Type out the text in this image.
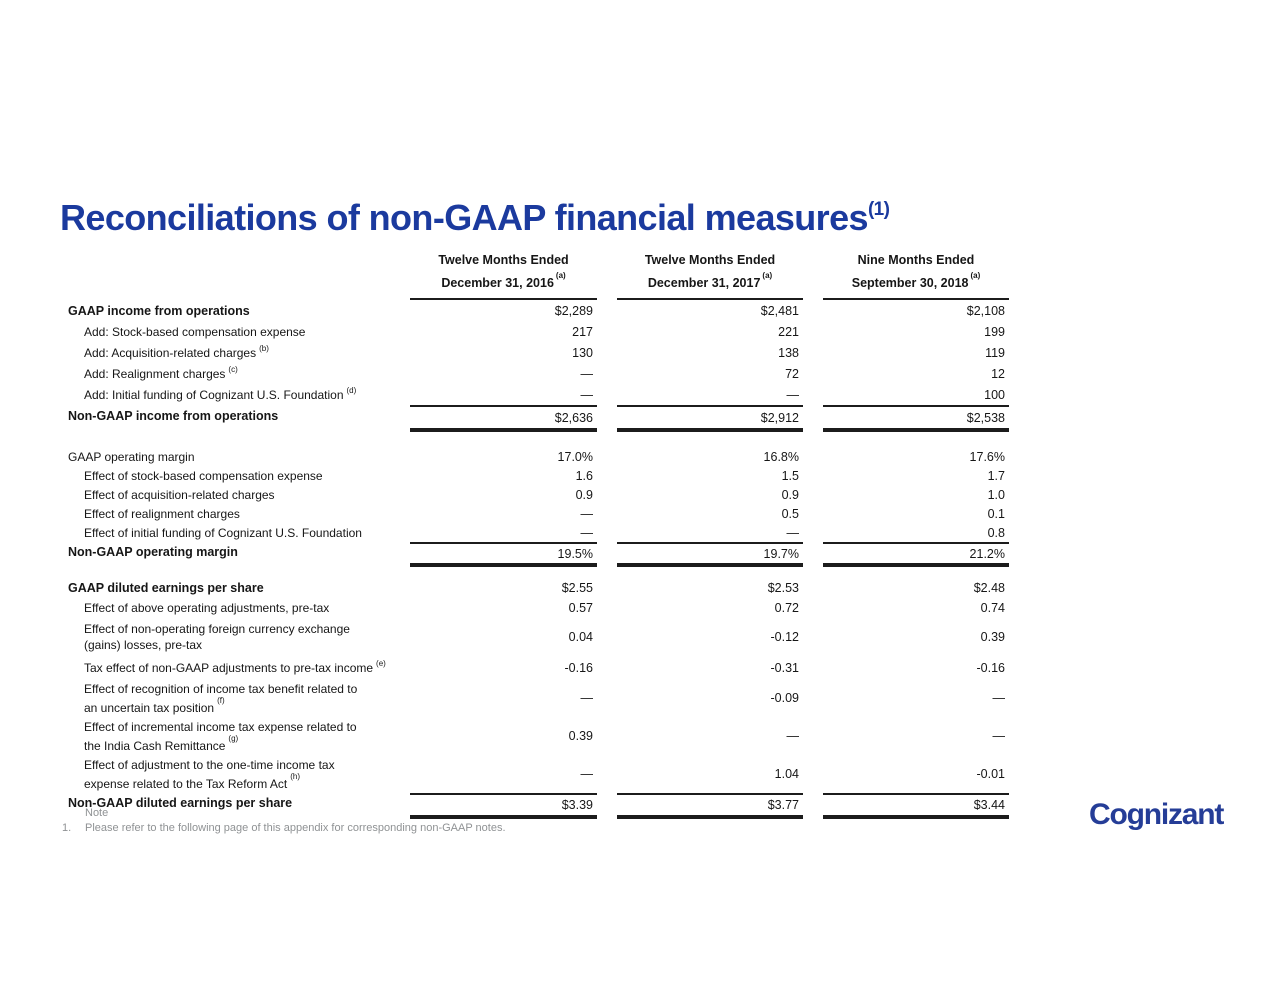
Reconciliations of non-GAAP financial measures$^{(1)}$
Twelve Months Ended
December 31, 2016$^{(a)}$
Twelve Months Ended
December 31, 2017$^{(a)}$
Nine Months Ended
September 30, 2018$^{(a)}$
GAAP income from operations	$2,289	$2,481	$2,108
Add: Stock-based compensation expense	217	221	199
Add: Acquisition-related charges $^{(b)}$	130	138	119
Add: Realignment charges $^{(c)}$	—	72	12
Add: Initial funding of Cognizant U.S. Foundation $^{(d)}$	—	—	100
Non-GAAP income from operations	$2,636	$2,912	$2,538
GAAP operating margin	17.0%	16.8%	17.6%
Effect of stock-based compensation expense	1.6	1.5	1.7
Effect of acquisition-related charges	0.9	0.9	1.0
Effect of realignment charges	—	0.5	0.1
Effect of initial funding of Cognizant U.S. Foundation	—	—	0.8
Non-GAAP operating margin	19.5%	19.7%	21.2%
GAAP diluted earnings per share	$2.55	$2.53	$2.48
Effect of above operating adjustments, pre-tax	0.57	0.72	0.74
Effect of non-operating foreign currency exchange
(gains) losses, pre-tax
0.04	-0.12	0.39
Tax effect of non-GAAP adjustments to pre-tax income $^{(e)}$	-0.16	-0.31	-0.16
Effect of recognition of income tax benefit related to
an uncertain tax position$^{(f)}$	—	-0.09	—
Effect of incremental income tax expense related to
the India Cash Remittance$^{(g)}$	0.39	—	—
Effect of adjustment to the one-time income tax
expense related to the Tax Reform Act$^{(h)}$	—	1.04	-0.01
Non-GAAP diluted earnings per share	$3.39	$3.77	$3.44
Note
1.	Please refer to the following page of this appendix for corresponding non-GAAP notes.	Cognizant
